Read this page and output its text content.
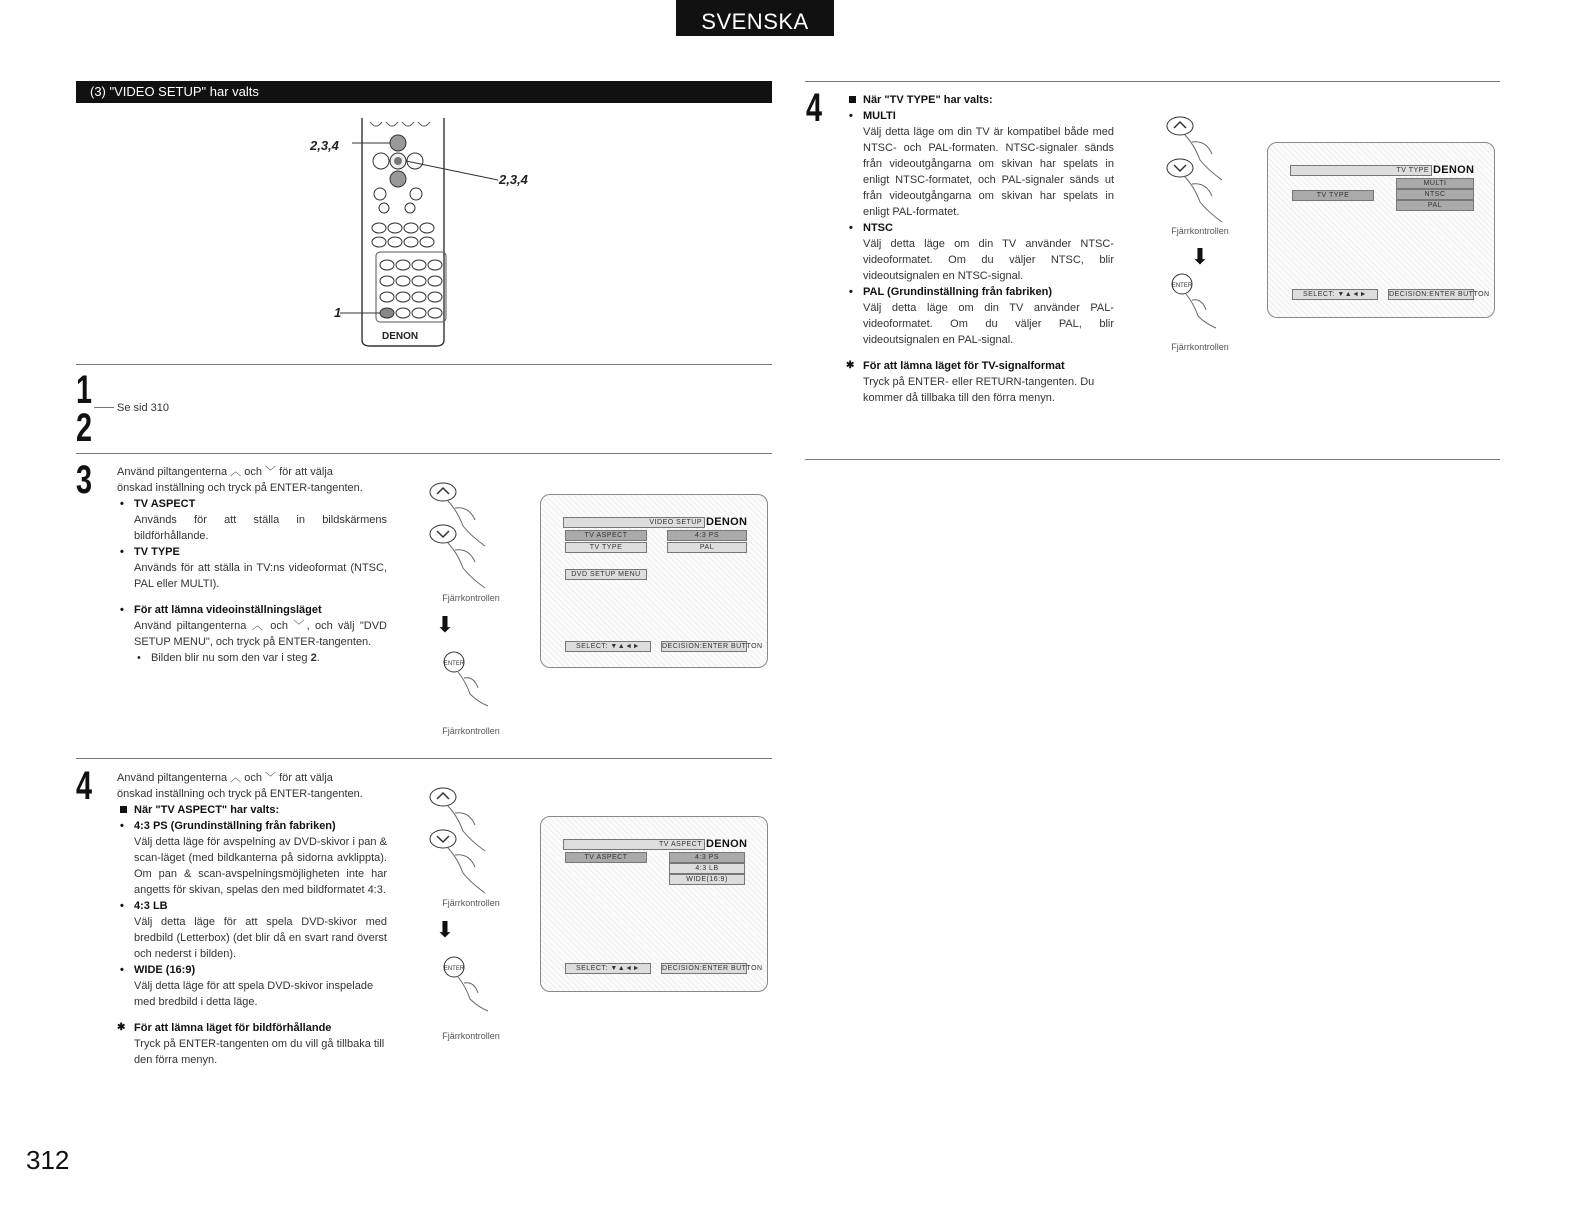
SVENSKA
(3) "VIDEO SETUP" har valts
2,3,4
2,3,4
1
DENON
1
2 Se sid 310
3 Använd piltangenterna ︿ och ﹀ för att välja
önskad inställning och tryck på ENTER-tangenten.
• TV ASPECT
Används för att ställa in bildskärmens bildförhållande.
• TV TYPE
Används för att ställa in TV:ns videoformat (NTSC, PAL eller MULTI).
• För att lämna videoinställningsläget
Använd piltangenterna ︿ och ﹀, och välj "DVD SETUP MENU", och tryck på ENTER-tangenten.
• Bilden blir nu som den var i steg 2.
Fjärrkontrollen
⬇
ENTER
Fjärrkontrollen
VIDEO SETUP DENON
TV ASPECT	4:3 PS
TV TYPE	PAL
DVD SETUP MENU
SELECT: ▼▲◄►	DECISION:ENTER BUTTON
4 Använd piltangenterna ︿ och ﹀ för att välja
önskad inställning och tryck på ENTER-tangenten.
När "TV ASPECT" har valts:
• 4:3 PS (Grundinställning från fabriken)
Välj detta läge för avspelning av DVD-skivor i pan & scan-läget (med bildkanterna på sidorna avklippta). Om pan & scan-avspelningsmöjligheten inte har angetts för skivan, spelas den med bildformatet 4:3.
• 4:3 LB
Välj detta läge för att spela DVD-skivor med bredbild (Letterbox) (det blir då en svart rand överst och nederst i bilden).
• WIDE (16:9)
Välj detta läge för att spela DVD-skivor inspelade med bredbild i detta läge.
✱ För att lämna läget för bildförhållande
Tryck på ENTER-tangenten om du vill gå tillbaka till den förra menyn.
Fjärrkontrollen
⬇
ENTER
Fjärrkontrollen
TV ASPECT DENON
TV ASPECT	4:3 PS
4:3 LB
WIDE(16:9)
SELECT: ▼▲◄►	DECISION:ENTER BUTTON
4	När "TV TYPE" har valts:
• MULTI
Välj detta läge om din TV är kompatibel både med NTSC- och PAL-formaten. NTSC-signaler sänds från videoutgångarna om skivan har spelats in enligt NTSC-formatet, och PAL-signaler sänds ut från videoutgångarna om skivan har spelats in enligt PAL-formatet.
• NTSC
Välj detta läge om din TV använder NTSC-videoformatet. Om du väljer NTSC, blir videoutsignalen en NTSC-signal.
• PAL (Grundinställning från fabriken)
Välj detta läge om din TV använder PAL-videoformatet. Om du väljer PAL, blir videoutsignalen en PAL-signal.
✱ För att lämna läget för TV-signalformat
Tryck på ENTER- eller RETURN-tangenten. Du kommer då tillbaka till den förra menyn.
Fjärrkontrollen
⬇
ENTER
Fjärrkontrollen
TV TYPE DENON
TV TYPE
MULTI
NTSC
PAL
SELECT: ▼▲◄►	DECISION:ENTER BUTTON
312
